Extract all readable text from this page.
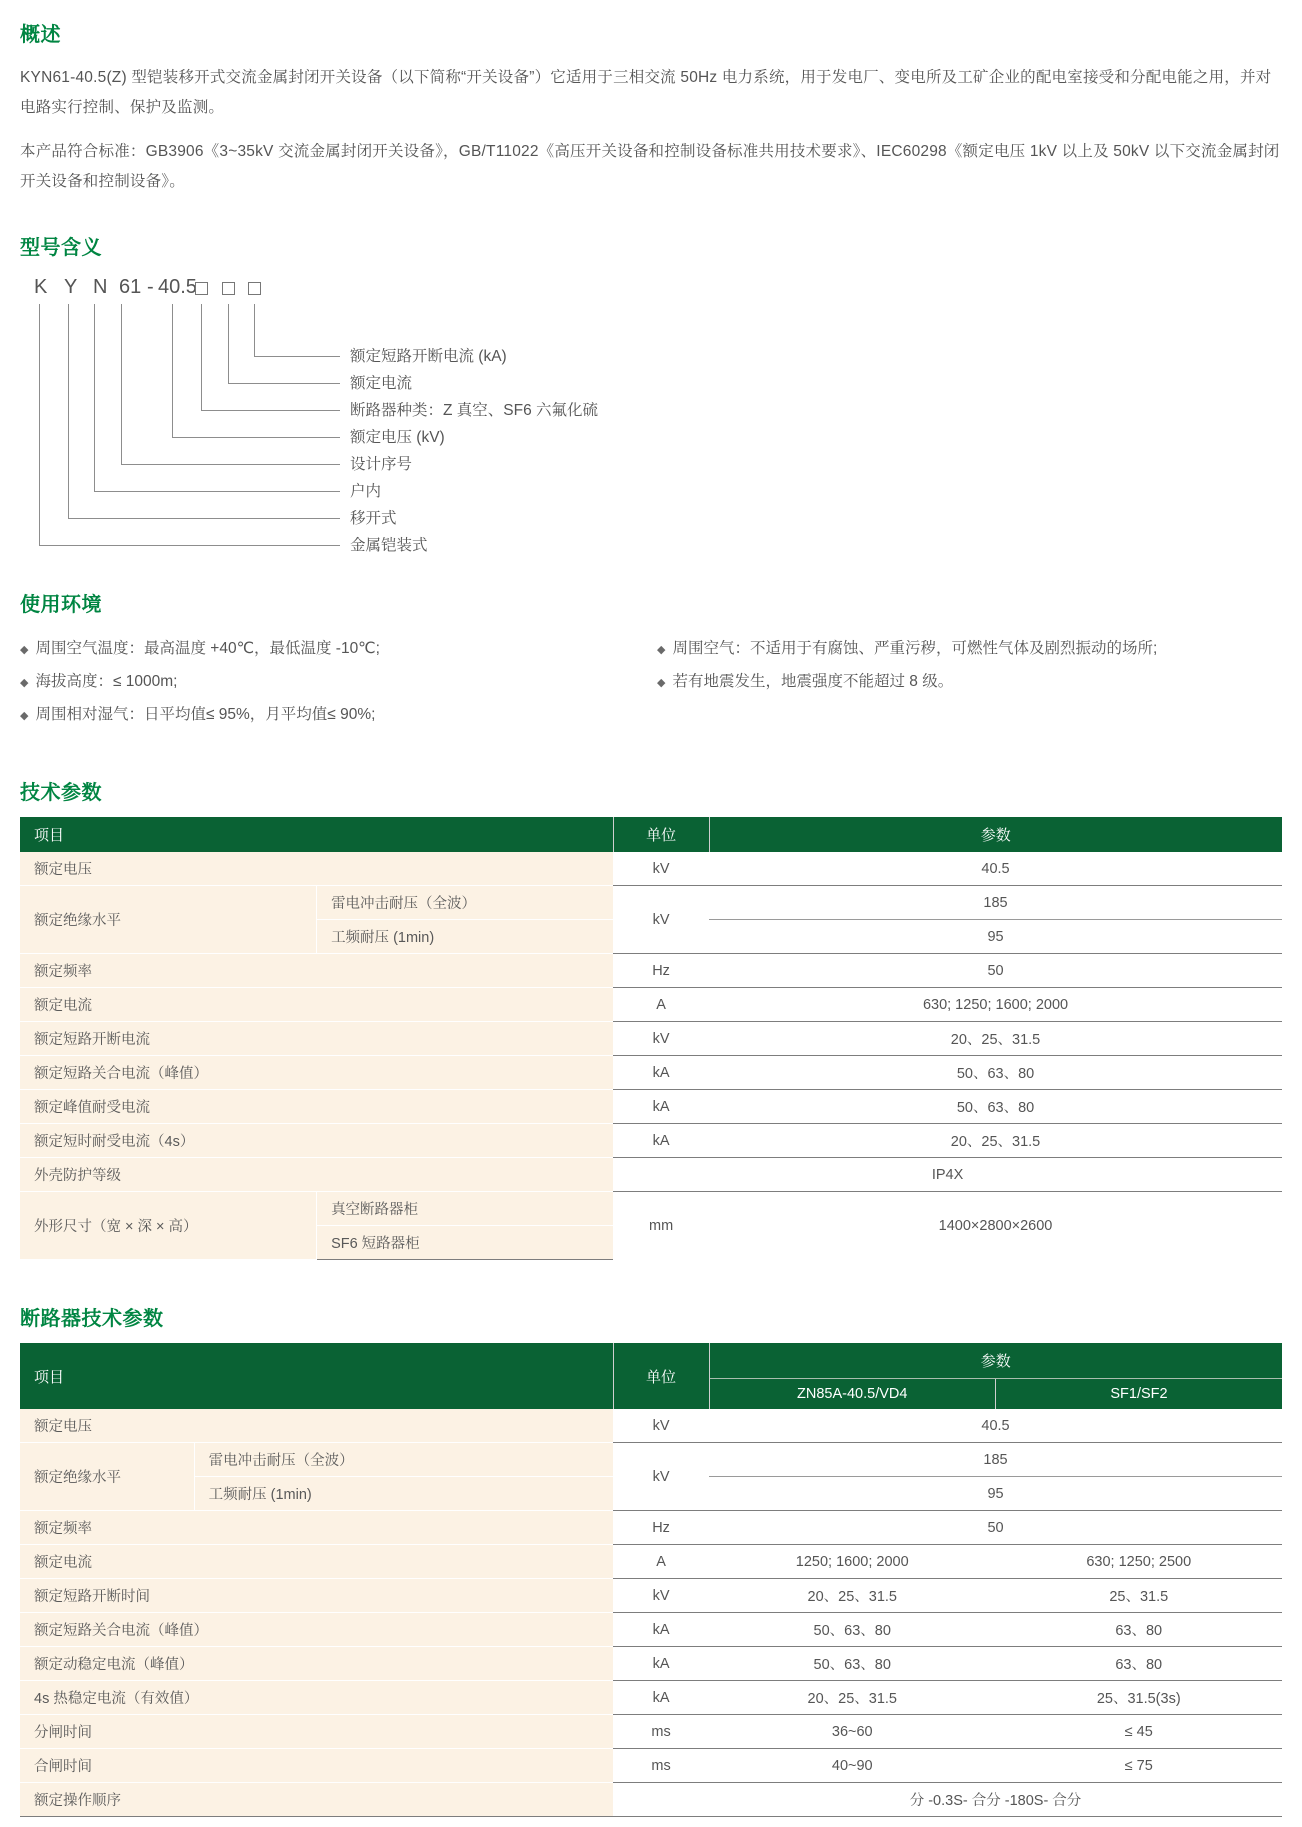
概述

KYN61-40.5(Z) 型铠装移开式交流金属封闭开关设备（以下简称“开关设备”）它适用于三相交流 50Hz 电力系统，用于发电厂、变电所及工矿企业的配电室接受和分配电能之用，并对电路实行控制、保护及监测。

本产品符合标准：GB3906《3~35kV 交流金属封闭开关设备》，GB/T11022《高压开关设备和控制设备标准共用技术要求》、IEC60298《额定电压 1kV 以上及 50kV 以下交流金属封闭开关设备和控制设备》。

型号含义
K Y N 61 - 40.5
额定短路开断电流 (kA)
额定电流
断路器种类：Z 真空、SF6 六氟化硫
额定电压 (kV)
设计序号
户内
移开式
金属铠装式
使用环境
◆ 周围空气温度：最高温度 +40℃，最低温度 -10℃;
◆ 海拔高度：≤ 1000m;
◆ 周围相对湿气：日平均值≤ 95%，月平均值≤ 90%;
◆ 周围空气：不适用于有腐蚀、严重污秽，可燃性气体及剧烈振动的场所;
◆ 若有地震发生，地震强度不能超过 8 级。
技术参数
项目		单位	参数
额定电压		kV	40.5
额定绝缘水平	雷电冲击耐压（全波）	kV	185
	工频耐压 (1min)		95
额定频率		Hz	50
额定电流		A	630; 1250; 1600; 2000
额定短路开断电流		kV	20、25、31.5
额定短路关合电流（峰值）		kA	50、63、80
额定峰值耐受电流		kA	50、63、80
额定短时耐受电流（4s）		kA	20、25、31.5
外壳防护等级		IP4X	
外形尺寸（宽 × 深 × 高）	真空断路器柜	mm	1400×2800×2600
	SF6 短路器柜		
断路器技术参数
项目		单位	参数	
			ZN85A-40.5/VD4	SF1/SF2
额定电压		kV	40.5	
额定绝缘水平	雷电冲击耐压（全波）	kV	185	
	工频耐压 (1min)		95	
额定频率		Hz	50	
额定电流		A	1250; 1600; 2000	630; 1250; 2500
额定短路开断时间		kV	20、25、31.5	25、31.5
额定短路关合电流（峰值）		kA	50、63、80	63、80
额定动稳定电流（峰值）		kA	50、63、80	63、80
4s 热稳定电流（有效值）		kA	20、25、31.5	25、31.5(3s)
分闸时间		ms	36~60	≤ 45
合闸时间		ms	40~90	≤ 75
额定操作顺序			分 -0.3S- 合分 -180S- 合分	
